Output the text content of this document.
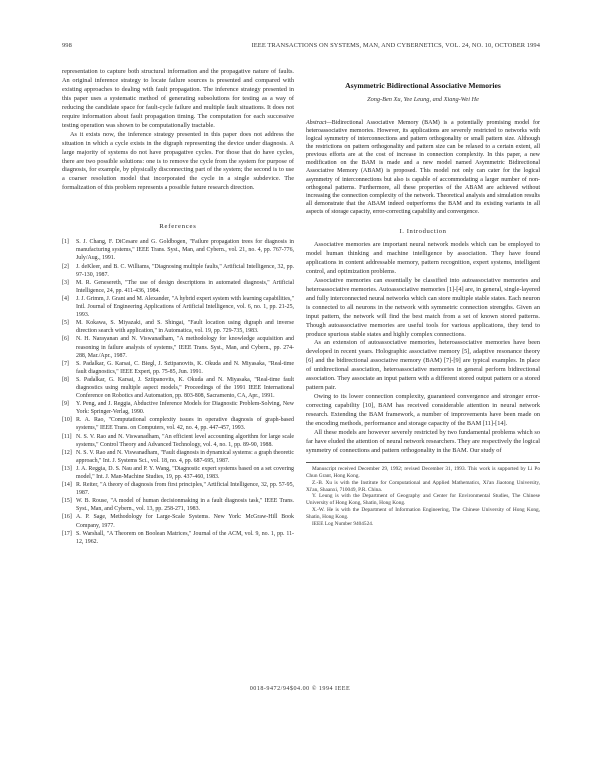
998	IEEE TRANSACTIONS ON SYSTEMS, MAN, AND CYBERNETICS, VOL. 24, NO. 10, OCTOBER 1994

representation to capture both structural information and the propagative nature of faults. An original inference strategy to locate failure sources is presented and compared with existing approaches to dealing with fault propagation. The inference strategy presented in this paper uses a systematic method of generating subsolutions for testing as a way of reducing the candidate space for fault-cycle failure and multiple fault situations. It does not require information about fault propagation timing. The computation for each successive testing operation was shown to be computationally tractable.

As it exists now, the inference strategy presented in this paper does not address the situation in which a cycle exists in the digraph representing the device under diagnosis. A large majority of systems do not have propagative cycles. For those that do have cycles, there are two possible solutions: one is to remove the cycle from the system for purpose of diagnosis, for example, by physically disconnecting part of the system; the second is to use a coarser resolution model that incorporated the cycle in a single subdevice. The formalization of this problem represents a possible future research direction.

References
[1] S. J. Chang, F. DiCesare and G. Goldbogen, "Failure propagation trees for diagnosis in manufacturing systems," IEEE Trans. Syst., Man, and Cybern., vol. 21, no. 4, pp. 767-776, July/Aug., 1991.
[2] J. deKleer, and B. C. Williams, "Diagnosing multiple faults," Artificial Intelligence, 32, pp. 97-130, 1987.
[3] M. R. Genesereth, "The use of design descriptions in automated diagnosis," Artificial Intelligence, 24, pp. 411-436, 1984.
[4] J. J. Grimm, J. Grant and M. Alexander, "A hybrid expert system with learning capabilities," Intl. Journal of Engineering Applications of Artificial Intelligence, vol. 6, no. 1, pp. 21-25, 1993.
[5] M. Kokawa, S. Miyazaki, and S. Shingai, "Fault location using digraph and inverse direction search with application," in Automatica, vol. 19, pp. 729-735, 1983.
[6] N. H. Narayanan and N. Viswanadham, "A methodology for knowledge acquisition and reasoning in failure analysis of systems," IEEE Trans. Syst., Man, and Cybern., pp. 274-288, Mar./Apr., 1987.
[7] S. Padalkar, G. Karsai, C. Biegl, J. Sztipanovits, K. Okuda and N. Miyasaka, "Real-time fault diagnostics," IEEE Expert, pp. 75-85, Jun. 1991.
[8] S. Padalkar, G. Karsai, J. Sztipanovits, K. Okuda and N. Miyasaka, "Real-time fault diagnostics using multiple aspect models," Proceedings of the 1991 IEEE International Conference on Robotics and Automation, pp. 803-808, Sacramento, CA, Apr., 1991.
[9] Y. Peng, and J. Reggia, Abductive Inference Models for Diagnostic Problem-Solving, New York: Springer-Verlag, 1990.
[10] R. A. Rao, "Computational complexity issues in operative diagnosis of graph-based systems," IEEE Trans. on Computers, vol. 42, no. 4, pp. 447-457, 1993.
[11] N. S. V. Rao and N. Viswanadham, "An efficient level accounting algorithm for large scale systems," Control Theory and Advanced Technology, vol. 4, no. 1, pp. 89-90, 1988.
[12] N. S. V. Rao and N. Viswanadham, "Fault diagnosis in dynamical systems: a graph theoretic approach," Int. J. Systems Sci., vol. 18, no. 4, pp. 687-695, 1987.
[13] J. A. Reggia, D. S. Nau and P. Y. Wang, "Diagnostic expert systems based on a set covering model," Int. J. Man-Machine Studies, 19, pp. 437-460, 1983.
[14] R. Reiter, "A theory of diagnosis from first principles," Artificial Intelligence, 32, pp. 57-95, 1987.
[15] W. B. Rouse, "A model of human decisionmaking in a fault diagnosis task," IEEE Trans. Syst., Man, and Cybern., vol. 13, pp. 258-271, 1983.
[16] A. P. Sage, Methodology for Large-Scale Systems. New York: McGraw-Hill Book Company, 1977.
[17] S. Warshall, "A Theorem on Boolean Matrices," Journal of the ACM, vol. 9, no. 1, pp. 11-12, 1962.
Asymmetric Bidirectional Associative Memories
Zong-Ben Xu, Yee Leung, and Xiang-Wei He

Abstract—Bidirectional Associative Memory (BAM) is a potentially promising model for heteroassociative memories. However, its applications are severely restricted to networks with logical symmetry of interconnections and pattern orthogonality or small pattern size. Although the restrictions on pattern orthogonality and pattern size can be relaxed to a certain extent, all previous efforts are at the cost of increase in connection complexity. In this paper, a new modification on the BAM is made and a new model named Asymmetric Bidirectional Associative Memory (ABAM) is proposed. This model not only can cater for the logical asymmetry of interconnections but also is capable of accommodating a larger number of non-orthogonal patterns. Furthermore, all these properties of the ABAM are achieved without increasing the connection complexity of the network. Theoretical analysis and simulation results all demonstrate that the ABAM indeed outperforms the BAM and its existing variants in all aspects of storage capacity, error-correcting capability and convergence.

I. Introduction

Associative memories are important neural network models which can be employed to model human thinking and machine intelligence by association. They have found applications in content addressable memory, pattern recognition, expert systems, intelligent control, and optimization problems.

Associative memories can essentially be classified into autoassociative memories and heteroassociative memories. Autoassociative memories [1]-[4] are, in general, single-layered and fully interconnected neural networks which can store multiple stable states. Each neuron is connected to all neurons in the network with symmetric connection strengths. Given an input pattern, the network will find the best match from a set of known stored patterns. Though autoassociative memories are useful tools for various applications, they tend to produce spurious stable states and highly complex connections.

As an extension of autoassociative memories, heteroassociative memories have been developed in recent years. Holographic associative memory [5], adaptive resonance theory [6] and the bidirectional associative memory (BAM) [7]-[9] are typical examples. In place of unidirectional association, heteroassociative memories in general perform bidirectional association. They associate an input pattern with a different stored output pattern or a stored pattern pair.

Owing to its lower connection complexity, guaranteed convergence and stronger error-correcting capability [10], BAM has received considerable attention in neural network research. Extending the BAM framework, a number of improvements have been made on the encoding methods, performance and storage capacity of the BAM [11]-[14].

All these models are however severely restricted by two fundamental problems which so far have eluded the attention of neural network researchers. They are respectively the logical symmetry of connections and pattern orthogonality in the BAM. Our study of

Manuscript received December 29, 1992; revised December 31, 1993. This work is supported by Li Po Chun Grant, Hong Kong.

Z.-B. Xu is with the Institute for Computational and Applied Mathematics, Xi'an Jiaotong University, Xi'an, Shaanxi, 710049, P.R. China.

Y. Leung is with the Department of Geography and Center for Environmental Studies, The Chinese University of Hong Kong, Shatin, Hong Kong.

X.-W. He is with the Department of Information Engineering, The Chinese University of Hong Kong, Shatin, Hong Kong.

IEEE Log Number 9404524.

0018-9472/94$04.00 © 1994 IEEE
